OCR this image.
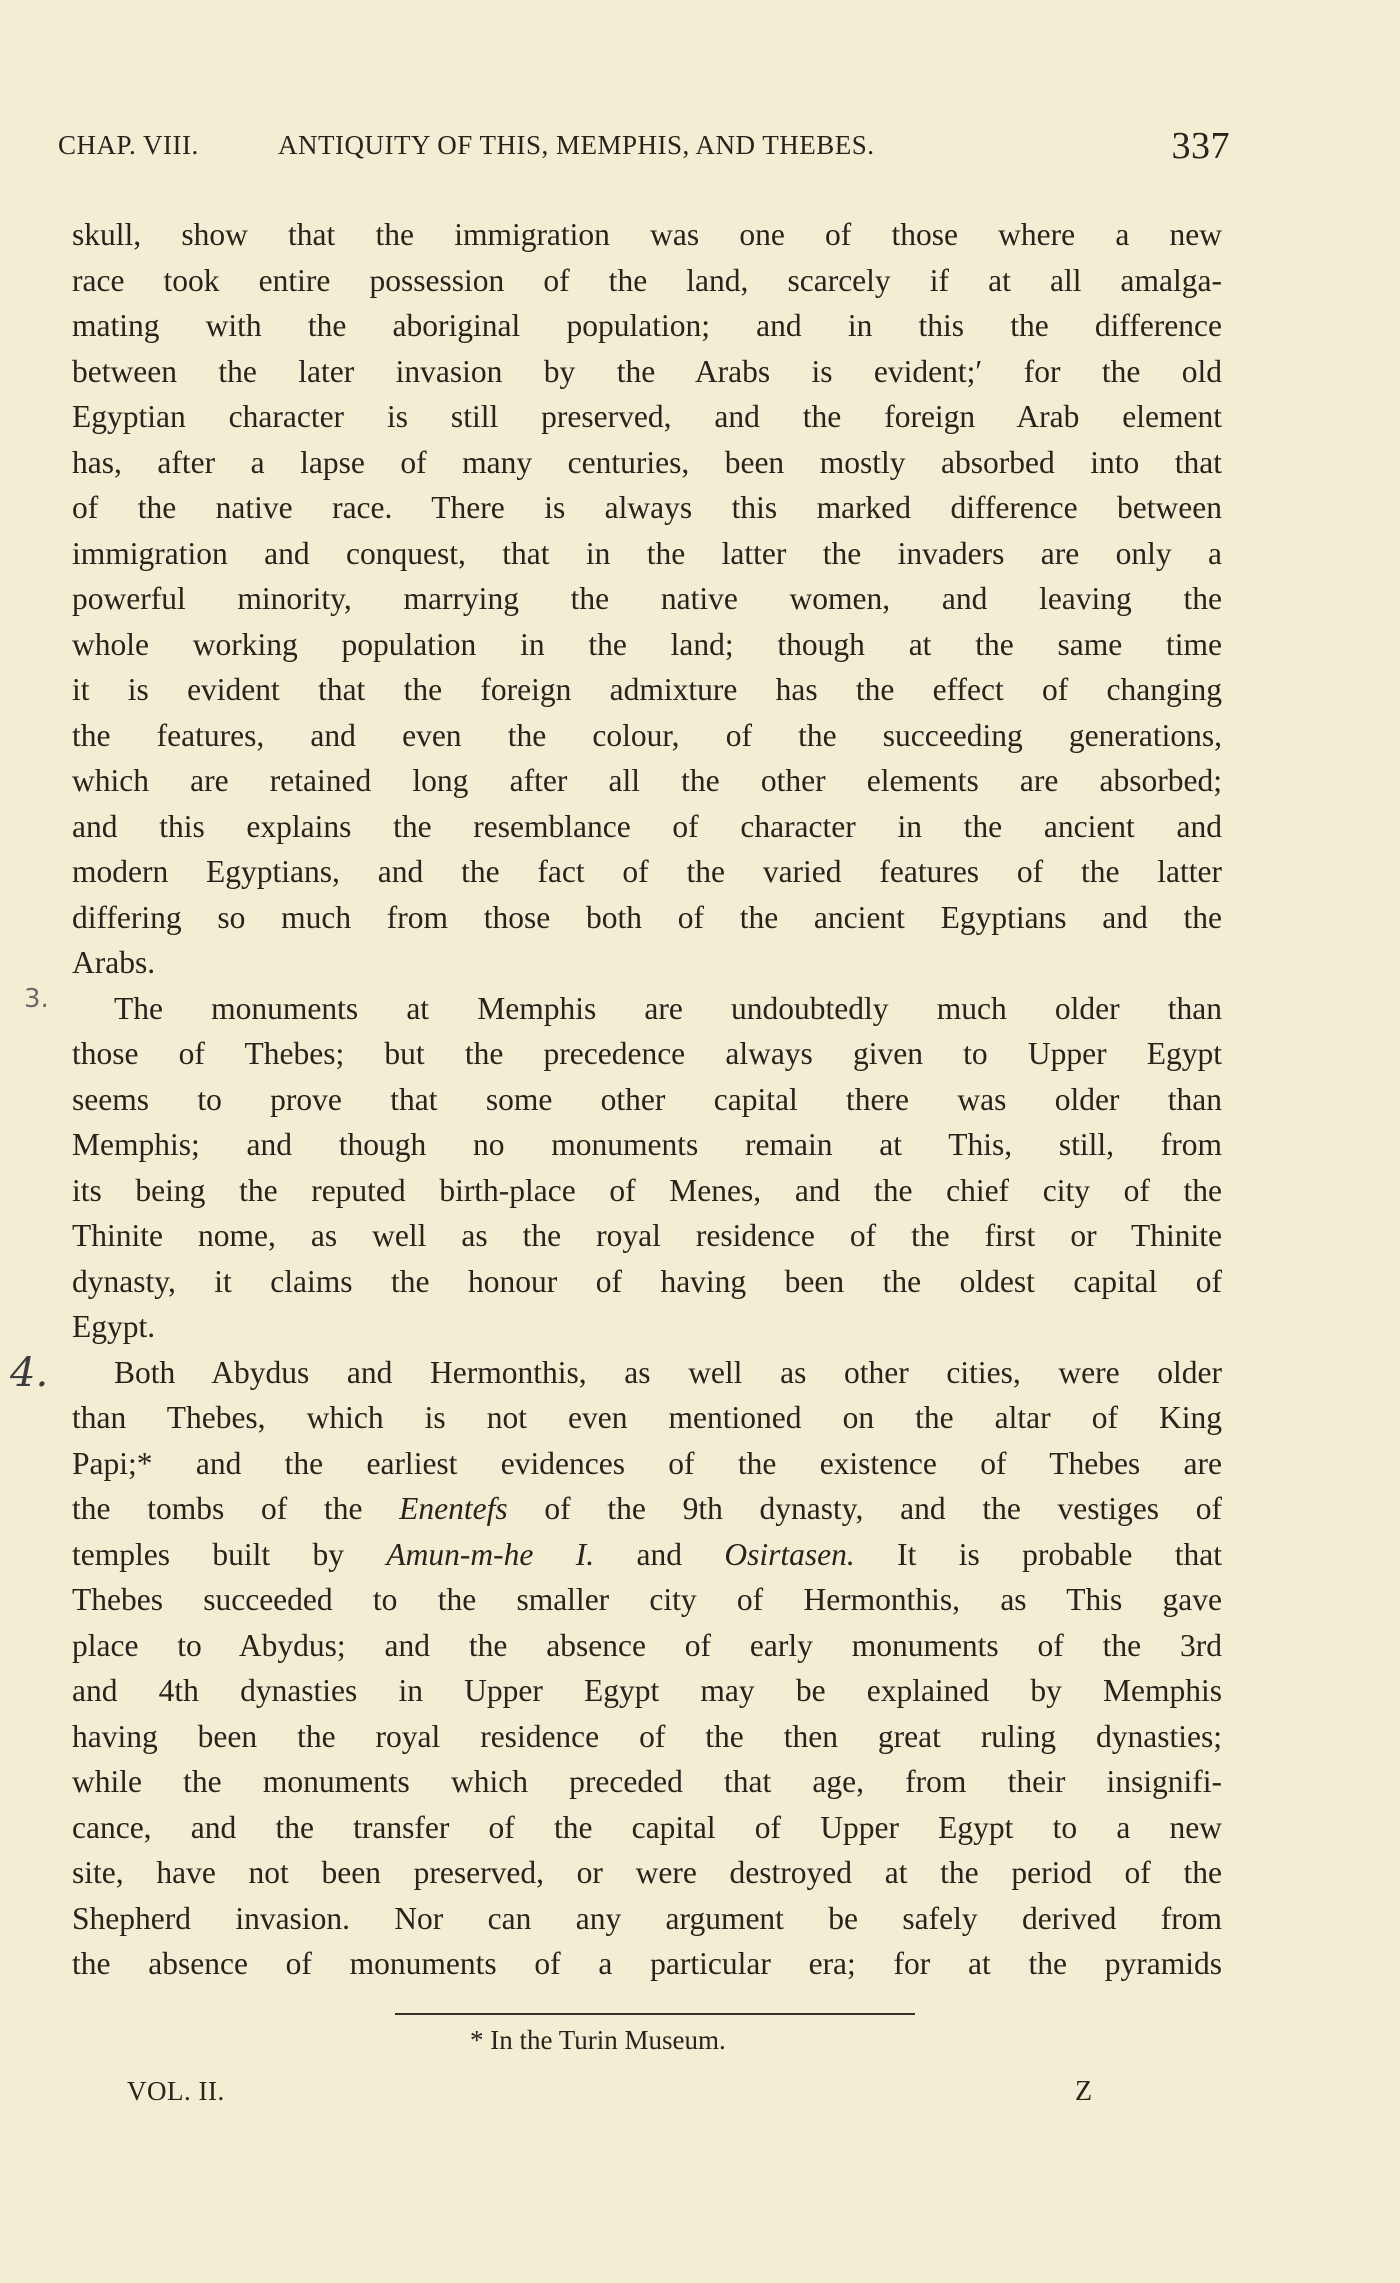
CHAP. VIII.	ANTIQUITY OF THIS, MEMPHIS, AND THEBES.	337
3.
4.
skull, show that the immigration was one of those where a new
race took entire possession of the land, scarcely if at all amalga-
mating with the aboriginal population; and in this the difference
between the later invasion by the Arabs is evident;′ for the old
Egyptian character is still preserved, and the foreign Arab element
has, after a lapse of many centuries, been mostly absorbed into that
of the native race. There is always this marked difference between
immigration and conquest, that in the latter the invaders are only a
powerful minority, marrying the native women, and leaving the
whole working population in the land; though at the same time
it is evident that the foreign admixture has the effect of changing
the features, and even the colour, of the succeeding generations,
which are retained long after all the other elements are absorbed;
and this explains the resemblance of character in the ancient and
modern Egyptians, and the fact of the varied features of the latter
differing so much from those both of the ancient Egyptians and the
Arabs.
The monuments at Memphis are undoubtedly much older than
those of Thebes; but the precedence always given to Upper Egypt
seems to prove that some other capital there was older than
Memphis; and though no monuments remain at This, still, from
its being the reputed birth-place of Menes, and the chief city of the
Thinite nome, as well as the royal residence of the first or Thinite
dynasty, it claims the honour of having been the oldest capital of
Egypt.
Both Abydus and Hermonthis, as well as other cities, were older
than Thebes, which is not even mentioned on the altar of King
Papi;* and the earliest evidences of the existence of Thebes are
the tombs of the Enentefs of the 9th dynasty, and the vestiges of
temples built by Amun-m-he I. and Osirtasen. It is probable that
Thebes succeeded to the smaller city of Hermonthis, as This gave
place to Abydus; and the absence of early monuments of the 3rd
and 4th dynasties in Upper Egypt may be explained by Memphis
having been the royal residence of the then great ruling dynasties;
while the monuments which preceded that age, from their insignifi-
cance, and the transfer of the capital of Upper Egypt to a new
site, have not been preserved, or were destroyed at the period of the
Shepherd invasion. Nor can any argument be safely derived from
the absence of monuments of a particular era; for at the pyramids
* In the Turin Museum.
VOL. II.	Z
